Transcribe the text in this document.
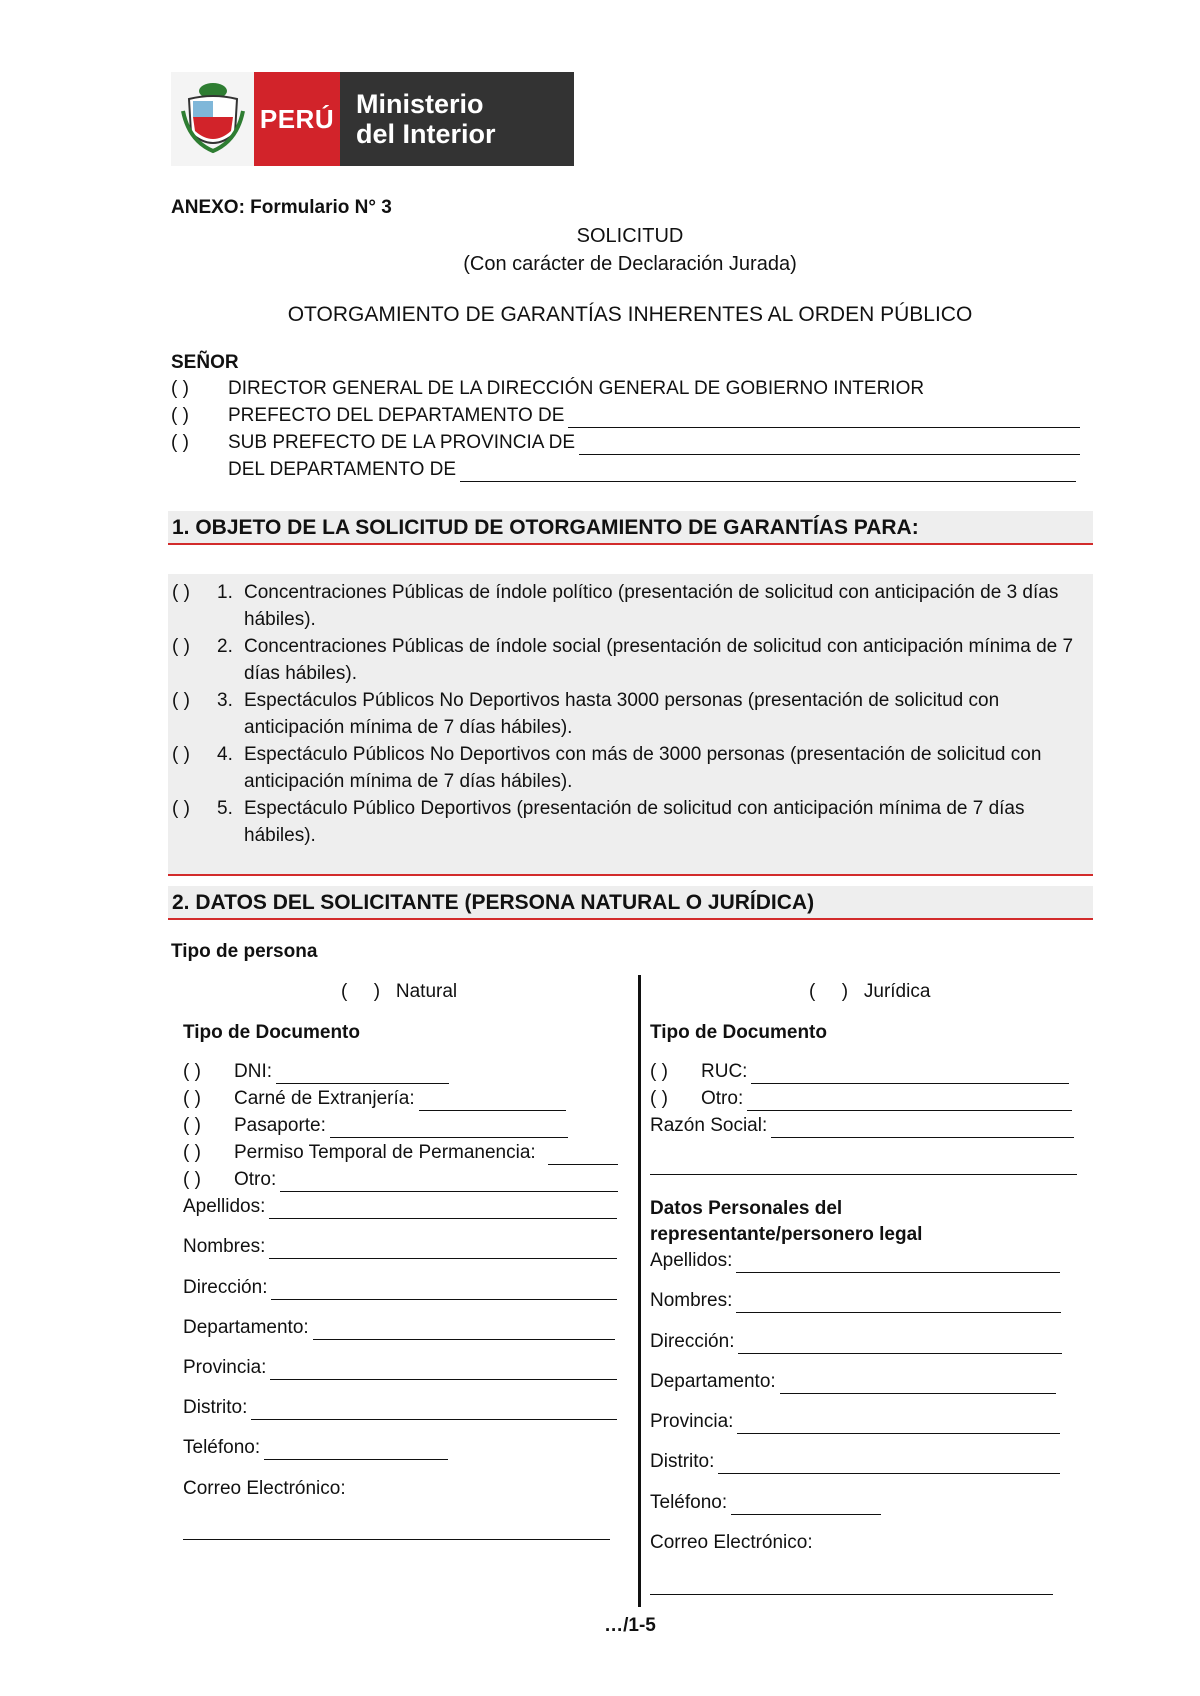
PERÚ Ministerio
del Interior
ANEXO: Formulario N° 3
SOLICITUD
(Con carácter de Declaración Jurada)
OTORGAMIENTO DE GARANTÍAS INHERENTES AL ORDEN PÚBLICO
SEÑOR
( ) DIRECTOR GENERAL DE LA DIRECCIÓN GENERAL DE GOBIERNO INTERIOR
( ) PREFECTO DEL DEPARTAMENTO DE
( ) SUB PREFECTO DE LA PROVINCIA DE
DEL DEPARTAMENTO DE
1. OBJETO DE LA SOLICITUD DE OTORGAMIENTO DE GARANTÍAS PARA:
( ) 1. Concentraciones Públicas de índole político (presentación de solicitud con anticipación de 3 días hábiles).
( ) 2. Concentraciones Públicas de índole social (presentación de solicitud con anticipación mínima de 7 días hábiles).
( ) 3. Espectáculos Públicos No Deportivos hasta 3000 personas (presentación de solicitud con anticipación mínima de 7 días hábiles).
( ) 4. Espectáculo Públicos No Deportivos con más de 3000 personas (presentación de solicitud con anticipación mínima de 7 días hábiles).
( ) 5. Espectáculo Público Deportivos (presentación de solicitud con anticipación mínima de 7 días hábiles).
2. DATOS DEL SOLICITANTE (PERSONA NATURAL O JURÍDICA)
Tipo de persona
(     )   Natural
Tipo de Documento
( ) DNI:
( ) Carné de Extranjería:
( ) Pasaporte:
( ) Permiso Temporal de Permanencia:
( ) Otro:
Apellidos:
Nombres:
Dirección:
Departamento:
Provincia:
Distrito:
Teléfono:
Correo Electrónico:
(     )   Jurídica
Tipo de Documento
( ) RUC:
( ) Otro:
Razón Social:
Datos Personales del
representante/personero legal
Apellidos:
Nombres:
Dirección:
Departamento:
Provincia:
Distrito:
Teléfono:
Correo Electrónico:
…/1-5
